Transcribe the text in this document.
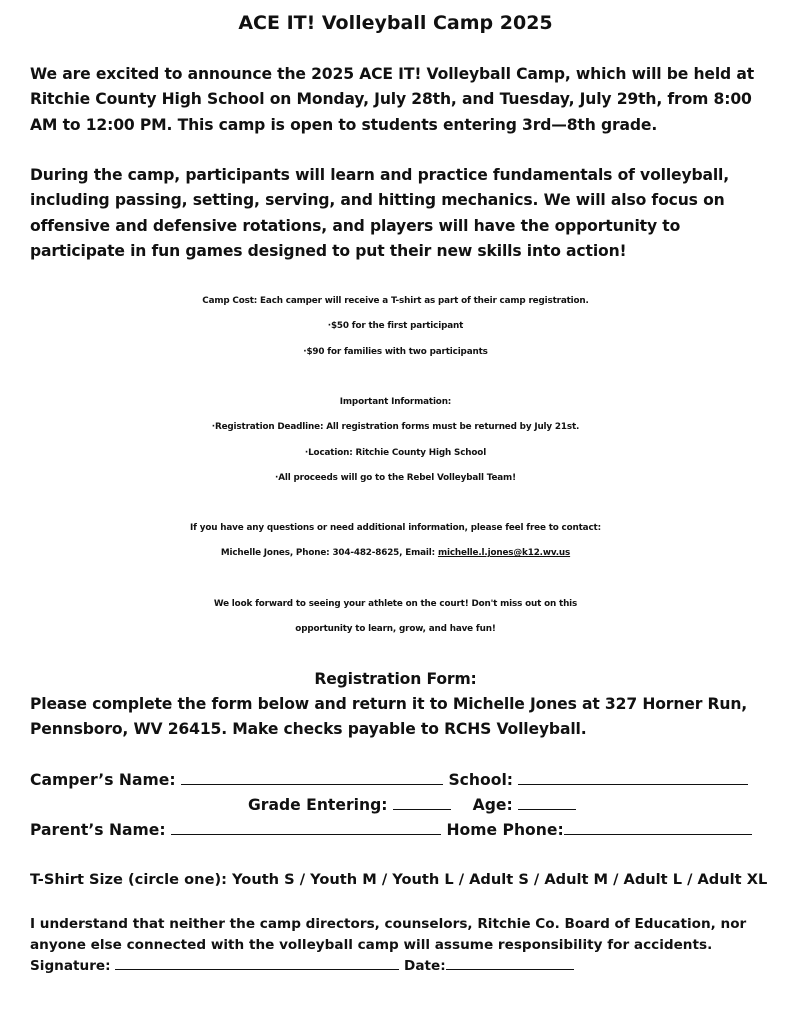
ACE IT! Volleyball Camp 2025
We are excited to announce the 2025 ACE IT! Volleyball Camp, which will be held at
Ritchie County High School on Monday, July 28th, and Tuesday, July 29th, from 8:00
AM to 12:00 PM. This camp is open to students entering 3rd—8th grade.
During the camp, participants will learn and practice fundamentals of volleyball,
including passing, setting, serving, and hitting mechanics. We will also focus on
offensive and defensive rotations, and players will have the opportunity to
participate in fun games designed to put their new skills into action!
Camp Cost: Each camper will receive a T-shirt as part of their camp registration.
·$50 for the first participant
·$90 for families with two participants
Important Information:
·Registration Deadline: All registration forms must be returned by July 21st.
·Location: Ritchie County High School
·All proceeds will go to the Rebel Volleyball Team!
If you have any questions or need additional information, please feel free to contact:
Michelle Jones, Phone: 304-482-8625, Email: michelle.l.jones@k12.wv.us
We look forward to seeing your athlete on the court! Don't miss out on this
opportunity to learn, grow, and have fun!
Registration Form:
Please complete the form below and return it to Michelle Jones at 327 Horner Run,
Pennsboro, WV 26415. Make checks payable to RCHS Volleyball.
Camper’s Name:	School:
Grade Entering:	Age:
Parent’s Name:	Home Phone:
T-Shirt Size (circle one): Youth S / Youth M / Youth L / Adult S / Adult M / Adult L / Adult XL
I understand that neither the camp directors, counselors, Ritchie Co. Board of Education, nor
anyone else connected with the volleyball camp will assume responsibility for accidents.
Signature:	Date:
